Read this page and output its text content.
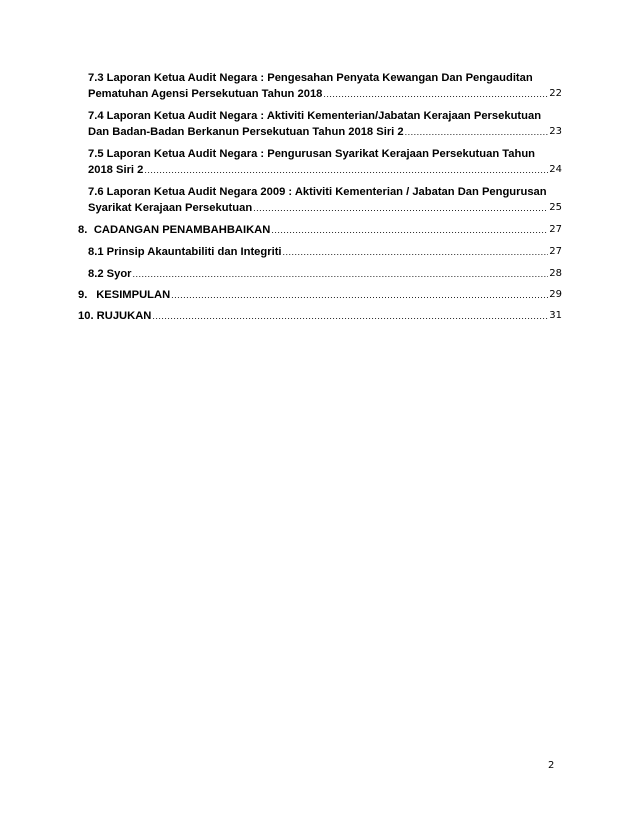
7.3 Laporan Ketua Audit Negara : Pengesahan Penyata Kewangan Dan Pengauditan
Pematuhan Agensi Persekutuan Tahun 2018 .....	22
7.4 Laporan Ketua Audit Negara : Aktiviti Kementerian/Jabatan Kerajaan Persekutuan
Dan Badan-Badan Berkanun Persekutuan Tahun 2018 Siri 2 .....	23
7.5 Laporan Ketua Audit Negara : Pengurusan Syarikat Kerajaan Persekutuan Tahun
2018 Siri 2 .....	24
7.6 Laporan Ketua Audit Negara 2009 : Aktiviti Kementerian / Jabatan Dan Pengurusan
Syarikat Kerajaan Persekutuan .....	25
8. CADANGAN PENAMBAHBAIKAN .....	27
8.1 Prinsip Akauntabiliti dan Integriti .....	27
8.2 Syor .....	28
9. KESIMPULAN .....	29
10. RUJUKAN .....	31
2
